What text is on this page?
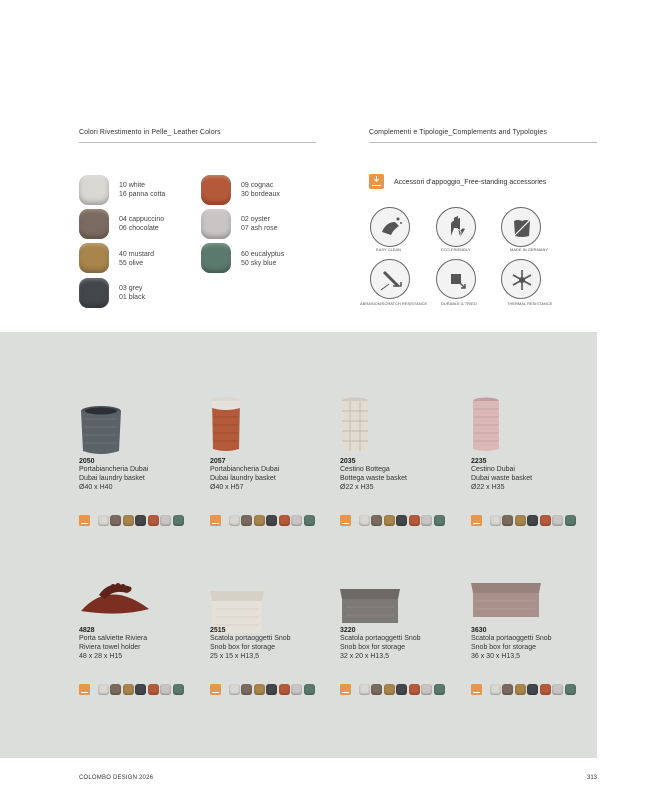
Colori Rivestimento in Pelle_ Leather Colors	Complementi e Tipologie_Complements and Typologies
10 white
16 panna cotta
04 cappuccino
06 chocolate
40 mustard
55 olive
03 grey
01 black
09 cognac
30 bordeaux
02 oyster
07 ash rose
60 eucalyptus
50 sky blue
Accessori d'appoggio_Free-standing accessories
EASY CLEAN	ECO-FRIENDLY	MADE IN GERMANY
ABRASION/SCRATCH RESISTANCE	DURABLE & TRIED	THERMAL RESISTANCE
2050
Portabiancheria Dubai
Dubai laundry basket
Ø40 x H40
2057
Portabiancheria Dubai
Dubai laundry basket
Ø40 x H57
2035
Cestino Bottega
Bottega waste basket
Ø22 x H35
2235
Cestino Dubai
Dubai waste basket
Ø22 x H35
4828
Porta salviette Riviera
Riviera towel holder
48 x 28 x H15
2515
Scatola portaoggetti Snob
Snob box for storage
25 x 15 x H13,5
3220
Scatola portaoggetti Snob
Snob box for storage
32 x 20 x H13,5
3630
Scatola portaoggetti Snob
Snob box for storage
36 x 30 x H13,5
COLOMBO DESIGN 2026	313
